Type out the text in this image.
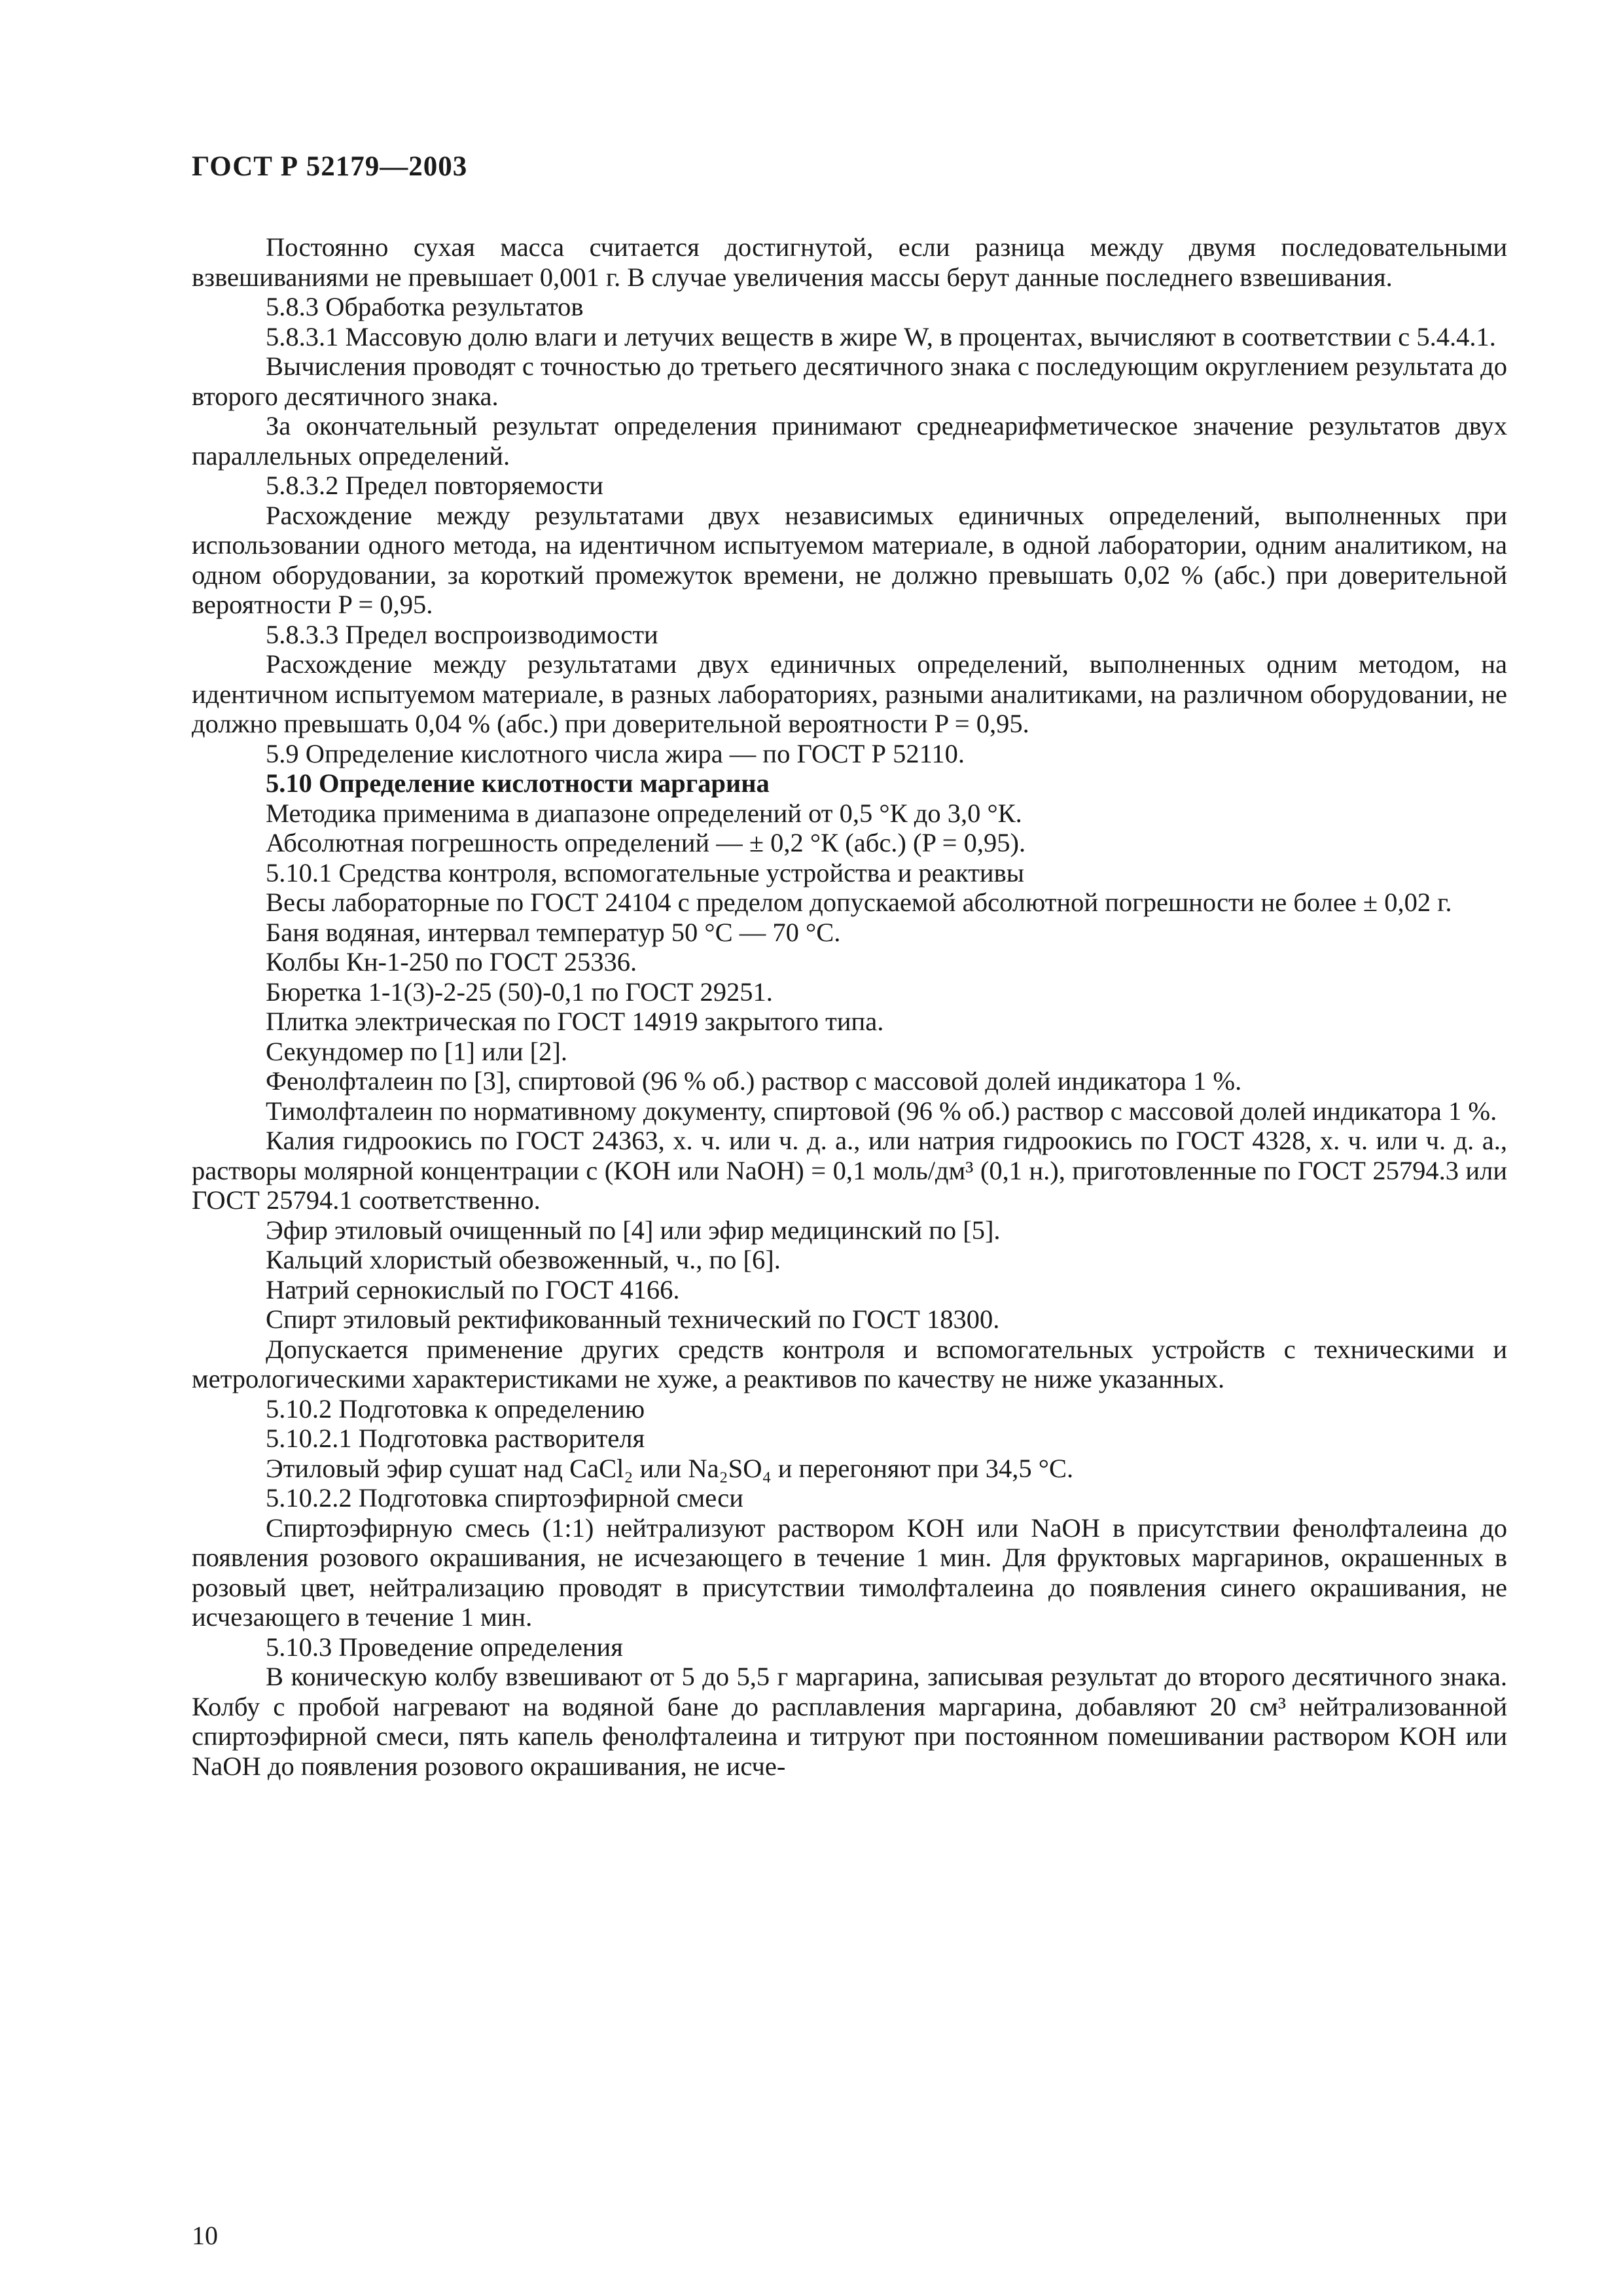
ГОСТ Р 52179—2003

Постоянно сухая масса считается достигнутой, если разница между двумя последовательными взвешиваниями не превышает 0,001 г. В случае увеличения массы берут данные последнего взвешивания.

5.8.3 Обработка результатов

5.8.3.1 Массовую долю влаги и летучих веществ в жире W, в процентах, вычисляют в соответствии с 5.4.4.1.

Вычисления проводят с точностью до третьего десятичного знака с последующим округлением результата до второго десятичного знака.

За окончательный результат определения принимают среднеарифметическое значение результатов двух параллельных определений.

5.8.3.2 Предел повторяемости

Расхождение между результатами двух независимых единичных определений, выполненных при использовании одного метода, на идентичном испытуемом материале, в одной лаборатории, одним аналитиком, на одном оборудовании, за короткий промежуток времени, не должно превышать 0,02 % (абс.) при доверительной вероятности P = 0,95.

5.8.3.3 Предел воспроизводимости

Расхождение между результатами двух единичных определений, выполненных одним методом, на идентичном испытуемом материале, в разных лабораториях, разными аналитиками, на различном оборудовании, не должно превышать 0,04 % (абс.) при доверительной вероятности P = 0,95.

5.9 Определение кислотного числа жира — по ГОСТ Р 52110.

5.10 Определение кислотности маргарина

Методика применима в диапазоне определений от 0,5 °К до 3,0 °К.

Абсолютная погрешность определений — ± 0,2 °К (абс.) (P = 0,95).

5.10.1 Средства контроля, вспомогательные устройства и реактивы

Весы лабораторные по ГОСТ 24104 с пределом допускаемой абсолютной погрешности не более ± 0,02 г.

Баня водяная, интервал температур 50 °С — 70 °С.

Колбы Кн-1-250 по ГОСТ 25336.

Бюретка 1-1(3)-2-25 (50)-0,1 по ГОСТ 29251.

Плитка электрическая по ГОСТ 14919 закрытого типа.

Секундомер по [1] или [2].

Фенолфталеин по [3], спиртовой (96 % об.) раствор с массовой долей индикатора 1 %.

Тимолфталеин по нормативному документу, спиртовой (96 % об.) раствор с массовой долей индикатора 1 %.

Калия гидроокись по ГОСТ 24363, х. ч. или ч. д. а., или натрия гидроокись по ГОСТ 4328, х. ч. или ч. д. а., растворы молярной концентрации c (KOH или NaOH) = 0,1 моль/дм³ (0,1 н.), приготовленные по ГОСТ 25794.3 или ГОСТ 25794.1 соответственно.

Эфир этиловый очищенный по [4] или эфир медицинский по [5].

Кальций хлористый обезвоженный, ч., по [6].

Натрий сернокислый по ГОСТ 4166.

Спирт этиловый ректификованный технический по ГОСТ 18300.

Допускается применение других средств контроля и вспомогательных устройств с техническими и метрологическими характеристиками не хуже, а реактивов по качеству не ниже указанных.

5.10.2 Подготовка к определению

5.10.2.1 Подготовка растворителя

Этиловый эфир сушат над CaCl₂ или Na₂SO₄ и перегоняют при 34,5 °С.

5.10.2.2 Подготовка спиртоэфирной смеси

Спиртоэфирную смесь (1:1) нейтрализуют раствором KOH или NaOH в присутствии фенолфталеина до появления розового окрашивания, не исчезающего в течение 1 мин. Для фруктовых маргаринов, окрашенных в розовый цвет, нейтрализацию проводят в присутствии тимолфталеина до появления синего окрашивания, не исчезающего в течение 1 мин.

5.10.3 Проведение определения

В коническую колбу взвешивают от 5 до 5,5 г маргарина, записывая результат до второго десятичного знака. Колбу с пробой нагревают на водяной бане до расплавления маргарина, добавляют 20 см³ нейтрализованной спиртоэфирной смеси, пять капель фенолфталеина и титруют при постоянном помешивании раствором KOH или NaOH до появления розового окрашивания, не исче-

10
